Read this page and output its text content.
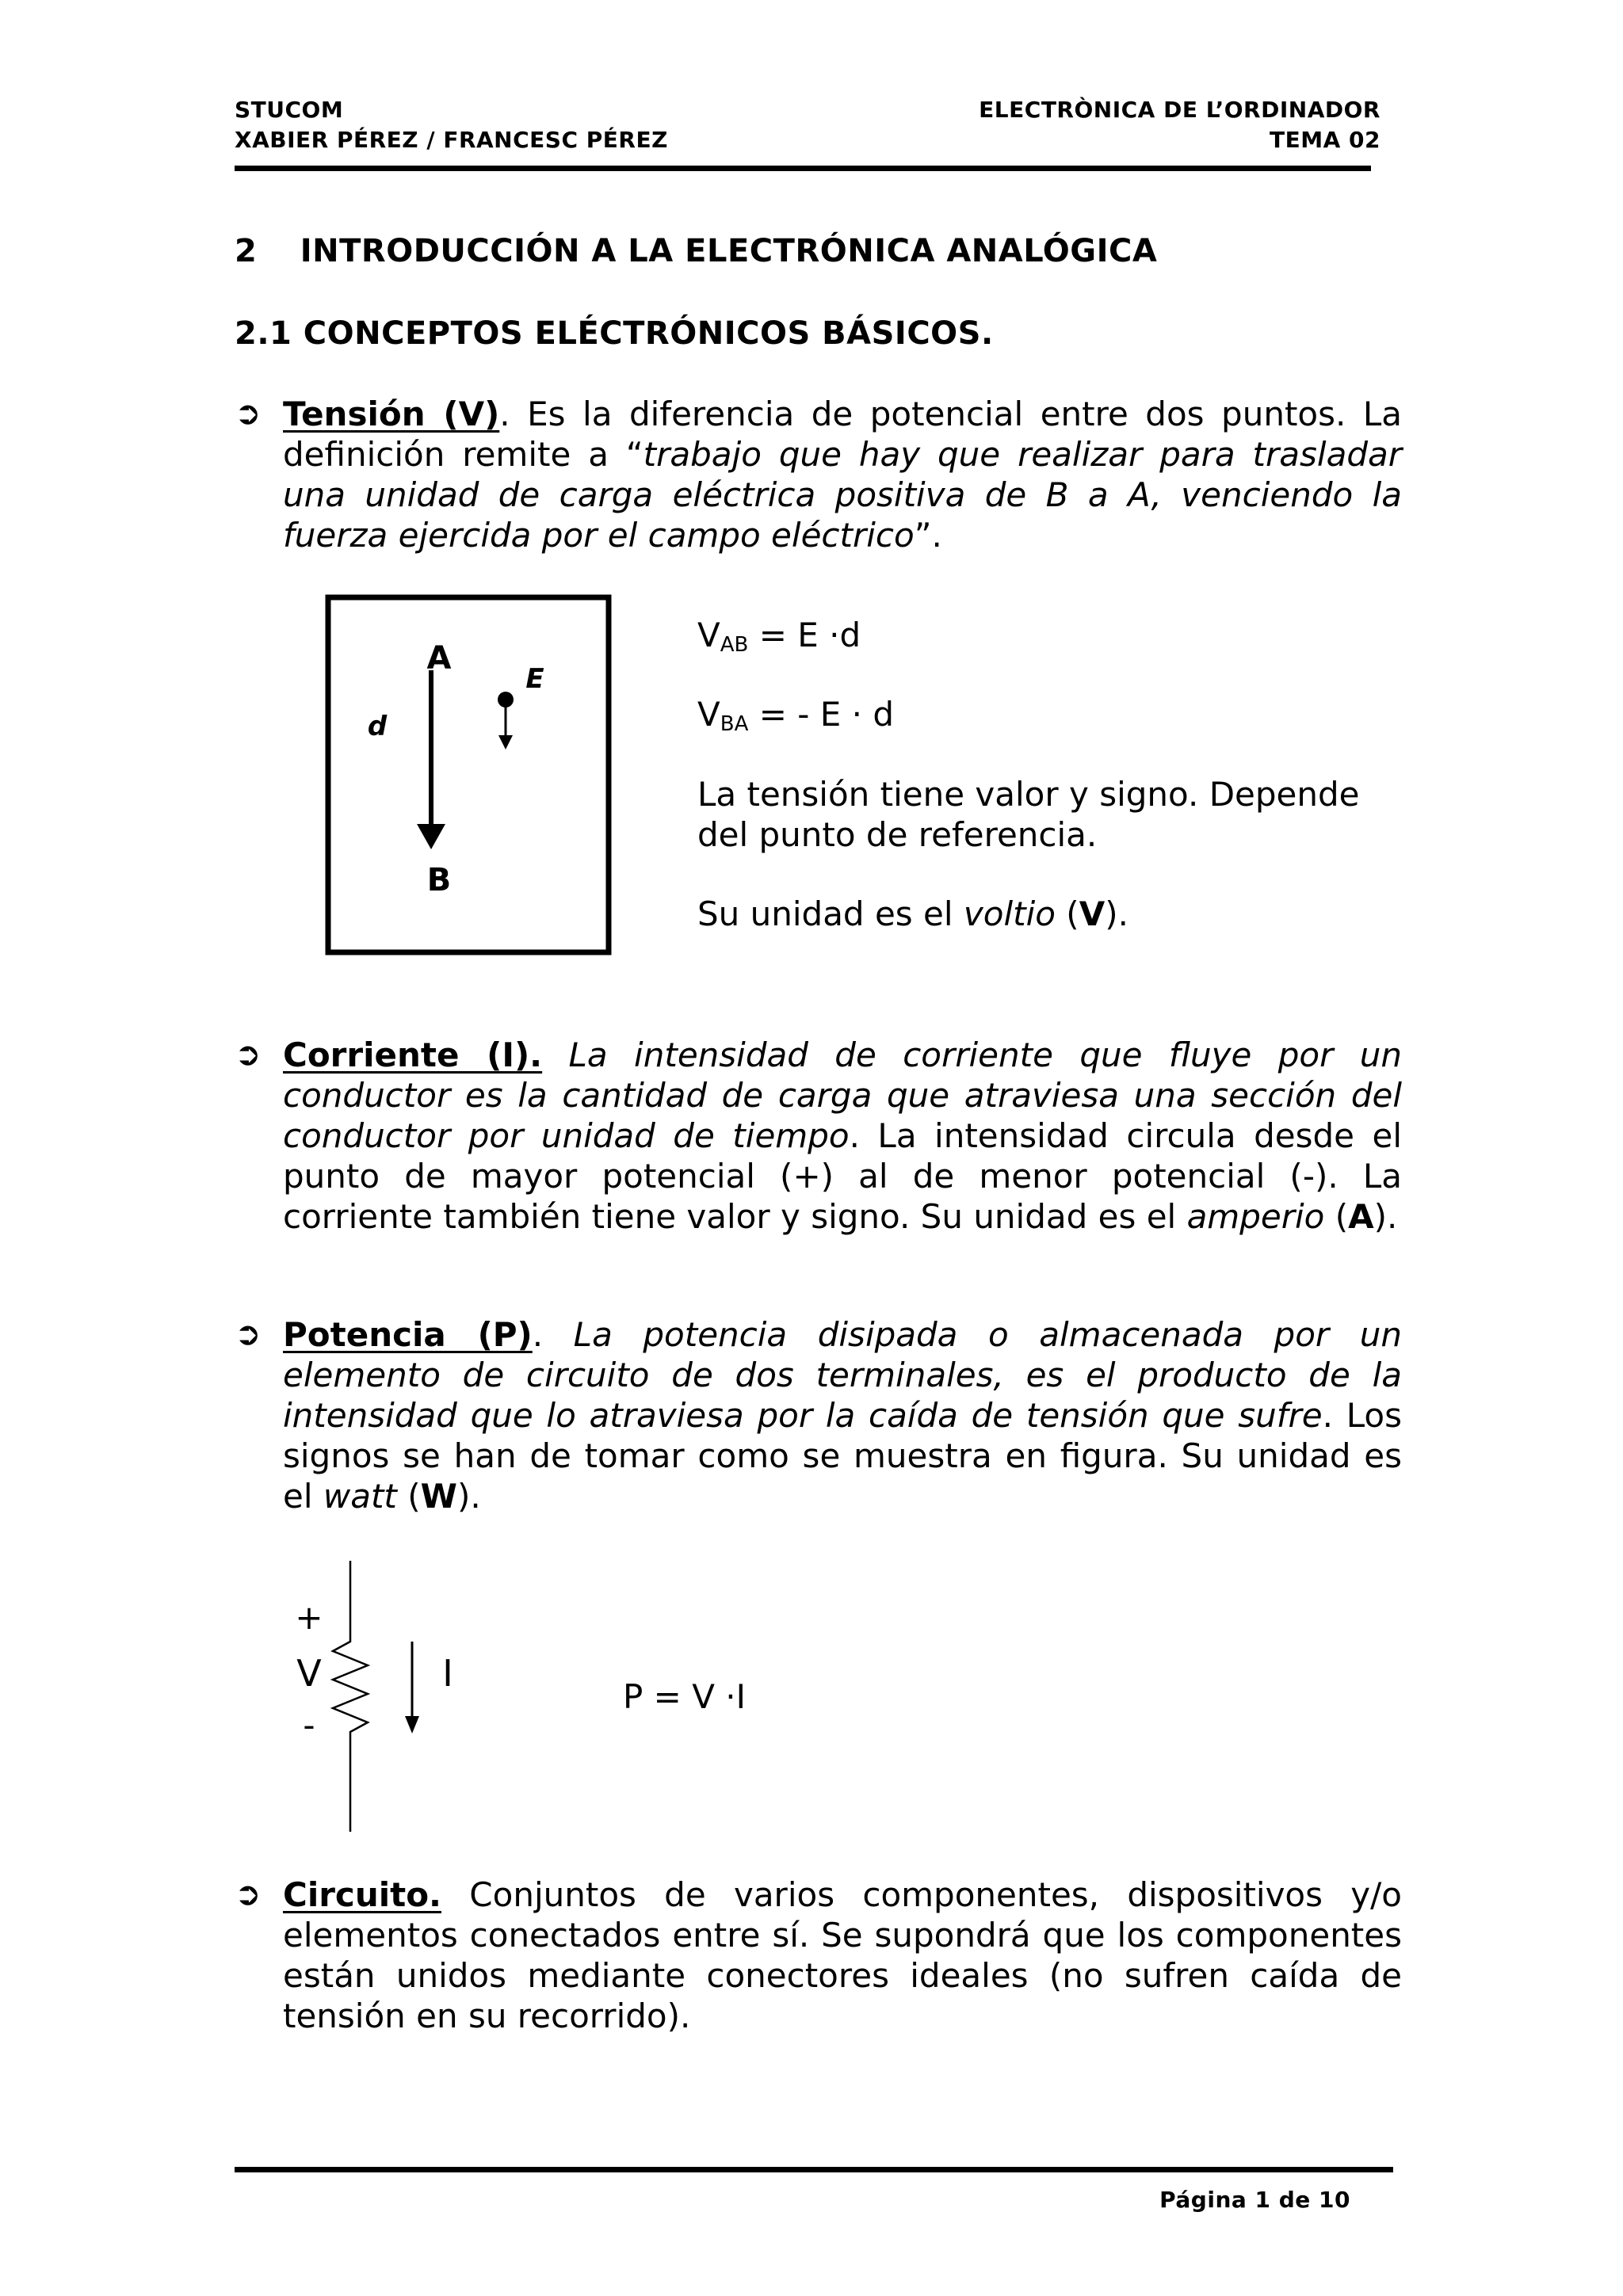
STUCOM
XABIER PÉREZ / FRANCESC PÉREZ
ELECTRÒNICA DE L’ORDINADOR
TEMA 02
2 INTRODUCCIÓN A LA ELECTRÓNICA ANALÓGICA
2.1 CONCEPTOS ELÉCTRÓNICOS BÁSICOS.
➲ Tensión (V). Es la diferencia de potencial entre dos puntos. La definición remite a “trabajo que hay que realizar para trasladar una unidad de carga eléctrica positiva de B a A, venciendo la fuerza ejercida por el campo eléctrico”.
A
B
d
E
$V_{AB} = E \cdot d$
$V_{BA}$ = - E · d
La tensión tiene valor y signo. Depende del punto de referencia.
Su unidad es el voltio (V).
➲ Corriente (I). La intensidad de corriente que fluye por un conductor es la cantidad de carga que atraviesa una sección del conductor por unidad de tiempo. La intensidad circula desde el punto de mayor potencial (+) al de menor potencial (-). La corriente también tiene valor y signo. Su unidad es el amperio (A).
➲ Potencia (P). La potencia disipada o almacenada por un elemento de circuito de dos terminales, es el producto de la intensidad que lo atraviesa por la caída de tensión que sufre. Los signos se han de tomar como se muestra en figura. Su unidad es el watt (W).
+
V
-
I
P = V ·I
➲ Circuito. Conjuntos de varios componentes, dispositivos y/o elementos conectados entre sí. Se supondrá que los componentes están unidos mediante conectores ideales (no sufren caída de tensión en su recorrido).
Página 1 de 10
